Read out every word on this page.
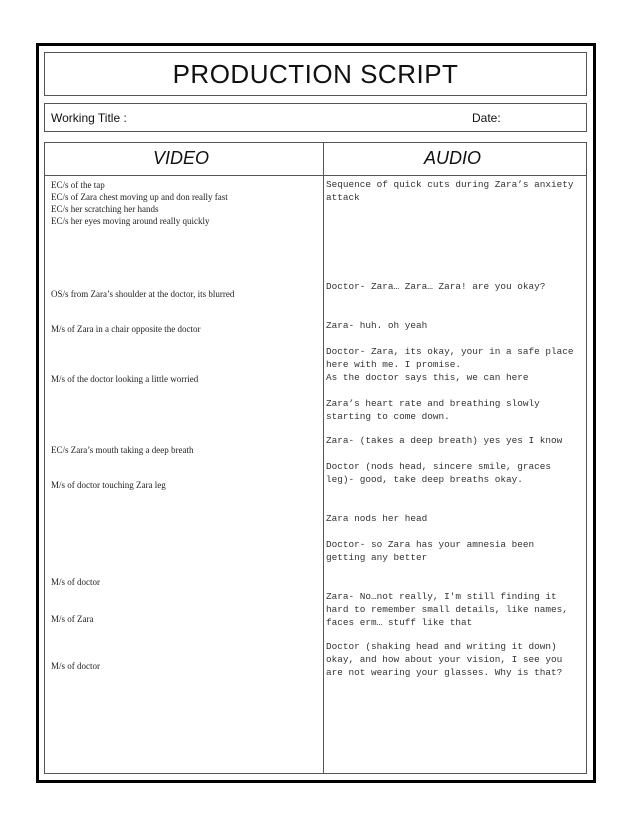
PRODUCTION SCRIPT
Working Title :	Date:
VIDEO	AUDIO
EC/s of the tap
EC/s of Zara chest moving up and don really fast
EC/s her scratching her hands
EC/s her eyes moving around really quickly
OS/s from Zara’s shoulder at the doctor, its blurred
M/s of Zara in a chair opposite the doctor
M/s of the doctor looking a little worried
EC/s Zara’s mouth taking a deep breath
M/s of doctor touching Zara leg
M/s of doctor
M/s of Zara
M/s of doctor
Sequence of quick cuts during Zara’s anxiety
attack
Doctor- Zara… Zara… Zara! are you okay?
Zara- huh. oh yeah
Doctor- Zara, its okay, your in a safe place
here with me. I promise.
As the doctor says this, we can here
Zara’s heart rate and breathing slowly
starting to come down.
Zara- (takes a deep breath) yes yes I know
Doctor (nods head, sincere smile, graces
leg)- good, take deep breaths okay.
Zara nods her head
Doctor- so Zara has your amnesia been
getting any better
Zara- No…not really, I'm still finding it
hard to remember small details, like names,
faces erm… stuff like that
Doctor (shaking head and writing it down)
okay, and how about your vision, I see you
are not wearing your glasses. Why is that?
